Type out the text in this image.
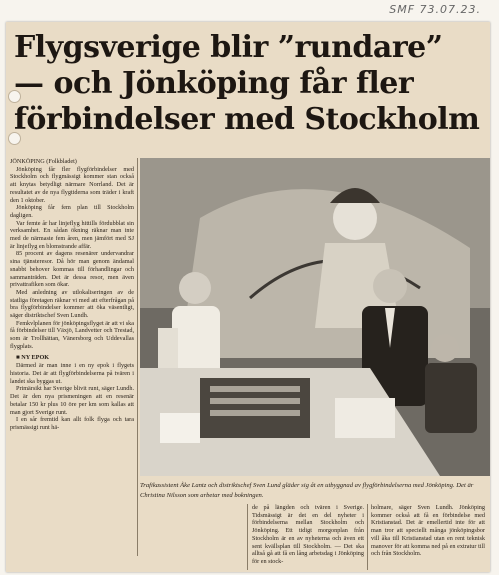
SMF 73.07.23.
Flygsverige blir ”rundare”
— och Jönköping får fler
förbindelser med Stockholm

JÖNKÖPING (Folkbladet)

Jönköping får fler flygförbindelser med Stockholm och flygmässigt kommer stan också att knytas betydligt närmare Norrland. Det är resultatet av de nya flygtiderna som träder i kraft den 1 oktober.

Jönköping får fem plan till Stockholm dagligen.

Var femte år har linjeflyg hittills fördubblat sin verksamhet. En sådan ökning räknar man inte med de närmaste fem åren, men jämfört med SJ är linjeflyg en blomstrande affär.

85 procent av dagens resenärer undervandrar sina tjänsteresor. Då hör man genom ändamal snabbt behover kommas till förhandlingar och sammanträden. Det är dessa resor, men även privattrafiken som ökar.

Med anledning av utlokaliseringen av de statliga företagen räknar vi med att efterfrågan på bra flygförbindelser kommer att öka väsentligt, säger distriktschef Sven Lundh.

Femkvlplanen för jönköpingsflyget är att vi ska få förbindelser till Växjö, Landvetter och Trestad, som är Trollhättan, Vänersborg och Uddevallas flygplats.

■ NY EPOK

Därmed är man inne i en ny epok i flygets historia. Det är att flygförbindelserna på tvären i landet ska byggas ut.

Primärsikt har Sverige blivit runt, säger Lundh. Det är den nya prismeningen att en resenär betalar 150 kr plus 10 öre per km som kallas att man gjort Sverige runt.

I en sår fremtid kan allt folk flyga och tara prismässigt runt hä-

Trafikassistent Åke Lantz och distriktschef Sven Lund gläder sig åt en utbyggnad av flygförbindelserna med Jönköping. Det är Christina Nilsson som arbetar med bokningen.

de på längden och tvären i Sverige. Tidsmässigt är det en del nyheter i förbindelserna mellan Stockholm och Jönköping. Ett tidigt morgonplan från Stockholm är en av nyheterna och även ett sent kvällsplan till Stockholm. — Det ska alltså gå att få en lång arbetsdag i Jönköping för en stock-

holmare, säger Sven Lundh. Jönköping kommer också att få en förbindelse med Kristianstad. Det är emellertid inte för att man tror att speciellt många jönköpingsbor vill åka till Kristianstad utan en rent teknisk manover för att komma ned på en extratur till och från Stockholm.
